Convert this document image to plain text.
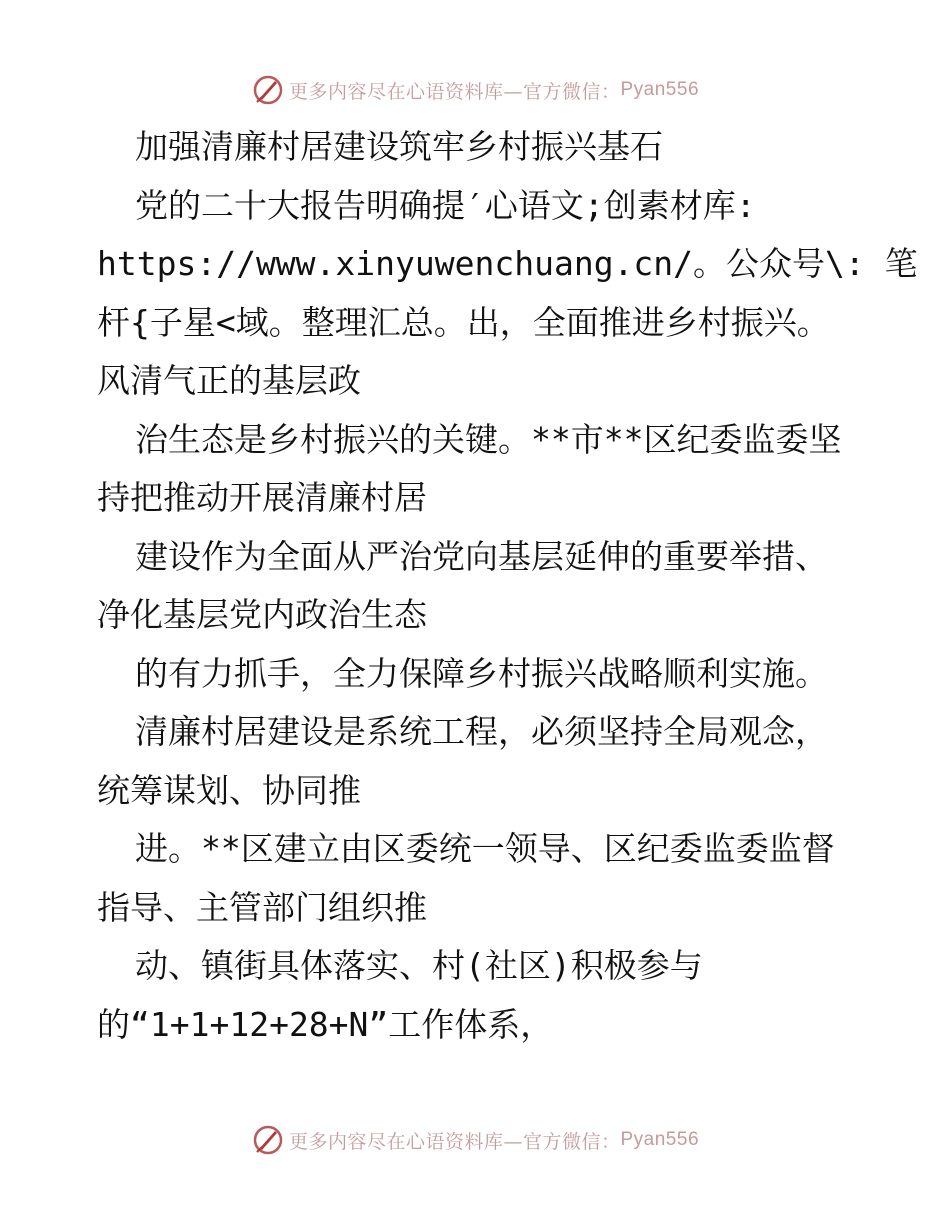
更多内容尽在心语资料库—官方微信： Pyan556

加强清廉村居建设筑牢乡村振兴基石

党的二十大报告明确提′心语文;创素材库:

https://www.xinyuwenchuang.cn/。公众号\: 笔

杆{子星<域。整理汇总。出，全面推进乡村振兴。

风清气正的基层政

治生态是乡村振兴的关键。**市**区纪委监委坚

持把推动开展清廉村居

建设作为全面从严治党向基层延伸的重要举措、

净化基层党内政治生态

的有力抓手，全力保障乡村振兴战略顺利实施。

清廉村居建设是系统工程，必须坚持全局观念，

统筹谋划、协同推

进。**区建立由区委统一领导、区纪委监委监督

指导、主管部门组织推

动、镇街具体落实、村(社区)积极参与

的“1+1+12+28+N”工作体系，

更多内容尽在心语资料库—官方微信： Pyan556
